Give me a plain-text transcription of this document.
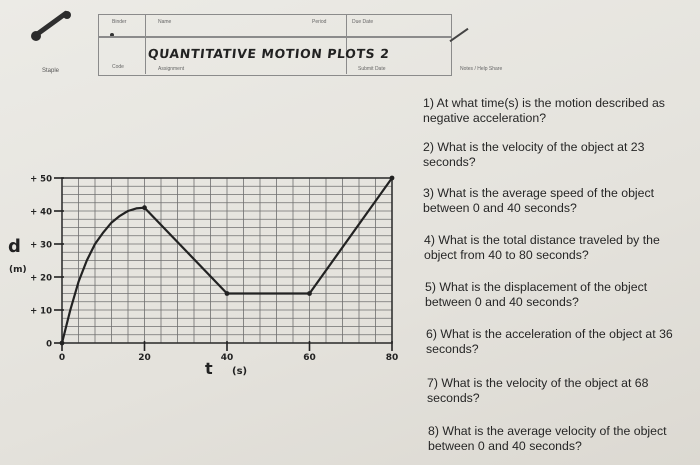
Staple
Binder	Name	Period	Due Date
Code	Assignment	Submit Date	Notes / Help Share
QUANTITATIVE MOTION PLOTS 2
0
+ 10
+ 20
+ 30
+ 40
+ 50
0	20	40	60	80
t (s)
d
(m)
1) At what time(s) is the motion described as negative acceleration?
2) What is the velocity of the object at 23 seconds?
3) What is the average speed of the object between 0 and 40 seconds?
4) What is the total distance traveled by the object from 40 to 80 seconds?
5) What is the displacement of the object between 0 and 40 seconds?
6) What is the acceleration of the object at 36 seconds?
7) What is the velocity of the object at 68 seconds?
8) What is the average velocity of the object between 0 and 40 seconds?
